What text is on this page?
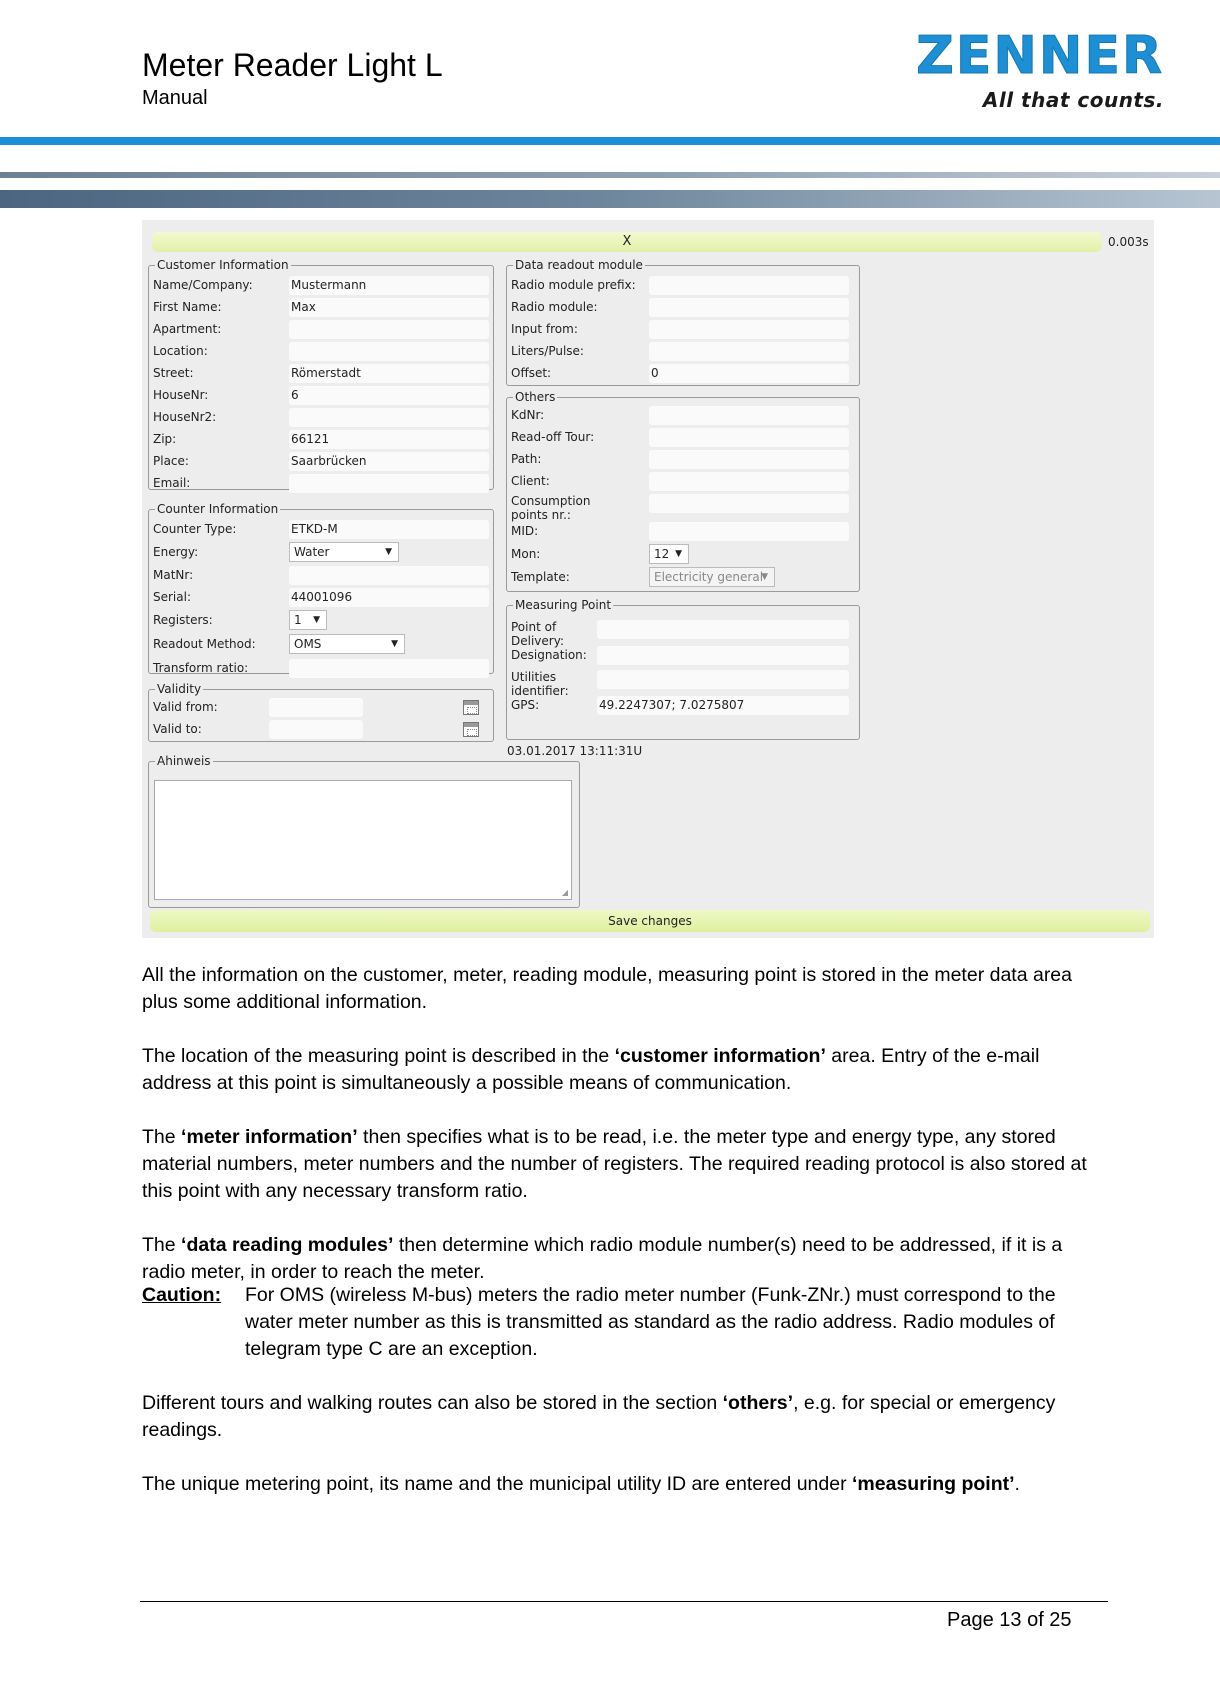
Meter Reader Light L
Manual
ZENNER
All that counts.
X	0.003s
Customer Information
Name/Company:	Mustermann
First Name:	Max
Apartment:
Location:
Street:	Römerstadt
HouseNr:	6
HouseNr2:
Zip:	66121
Place:	Saarbrücken
Email:
Counter Information
Counter Type:	ETKD-M
Energy:	Water	▼
MatNr:
Serial:	44001096
Registers:	1 ▼
Readout Method:	OMS	▼
Transform ratio:
Validity
Valid from:
Valid to:
Ahinweis
◢
Data readout module
Radio module prefix:
Radio module:
Input from:
Liters/Pulse:
Offset:	0
Others
KdNr:
Read-off Tour:
Path:
Client:
Consumption points nr.:
MID:
Mon:	12 ▼
Template:	Electricity general
▼
Measuring Point
Point of Delivery:
Designation:
Utilities identifier:
GPS:	49.2247307; 7.0275807
03.01.2017 13:11:31U
Save changes

All the information on the customer, meter, reading module, measuring point is stored in the meter data area plus some additional information.

The location of the measuring point is described in the ‘customer information’ area. Entry of the e-mail address at this point is simultaneously a possible means of communication.

The ‘meter information’ then specifies what is to be read, i.e. the meter type and energy type, any stored material numbers, meter numbers and the number of registers. The required reading protocol is also stored at this point with any necessary transform ratio.

The ‘data reading modules’ then determine which radio module number(s) need to be addressed, if it is a radio meter, in order to reach the meter.

Caution: For OMS (wireless M-bus) meters the radio meter number (Funk-ZNr.) must correspond to the water meter number as this is transmitted as standard as the radio address. Radio modules of telegram type C are an exception.

Different tours and walking routes can also be stored in the section ‘others’, e.g. for special or emergency readings.

The unique metering point, its name and the municipal utility ID are entered under ‘measuring point’.

Page 13 of 25
